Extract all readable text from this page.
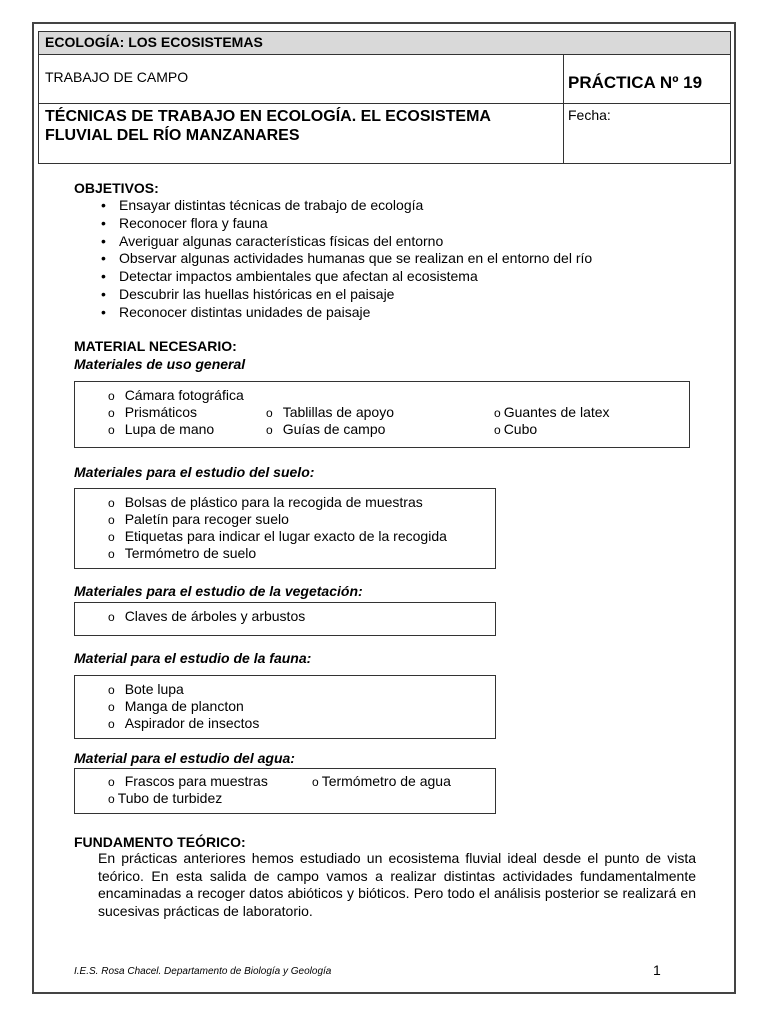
ECOLOGÍA: LOS ECOSISTEMAS
TRABAJO DE CAMPO	PRÁCTICA Nº 19
TÉCNICAS DE TRABAJO EN ECOLOGÍA. EL ECOSISTEMA
FLUVIAL DEL RÍO MANZANARES
Fecha:
OBJETIVOS:
• Ensayar distintas técnicas de trabajo de ecología
• Reconocer flora y fauna
• Averiguar algunas características físicas del entorno
• Observar algunas actividades humanas que se realizan en el entorno del río
• Detectar impactos ambientales que afectan al ecosistema
• Descubrir las huellas históricas en el paisaje
• Reconocer distintas unidades de paisaje
MATERIAL NECESARIO:
Materiales de uso general
o Cámara fotográfica
o Prismáticos	o Tablillas de apoyo	o Guantes de latex
o Lupa de mano	o Guías de campo	o Cubo
Materiales para el estudio del suelo:
o Bolsas de plástico para la recogida de muestras
o Paletín para recoger suelo
o Etiquetas para indicar el lugar exacto de la recogida
o Termómetro de suelo
Materiales para el estudio de la vegetación:
o Claves de árboles y arbustos
Material para el estudio de la fauna:
o Bote lupa
o Manga de plancton
o Aspirador de insectos
Material para el estudio del agua:
o Frascos para muestras	o Termómetro de agua
o Tubo de turbidez
FUNDAMENTO TEÓRICO:
En prácticas anteriores hemos estudiado un ecosistema fluvial ideal desde el punto de vista teórico. En esta salida de campo vamos a realizar distintas actividades fundamentalmente encaminadas a recoger datos abióticos y bióticos. Pero todo el análisis posterior se realizará en sucesivas prácticas de laboratorio.
I.E.S. Rosa Chacel. Departamento de Biología y Geología	1
